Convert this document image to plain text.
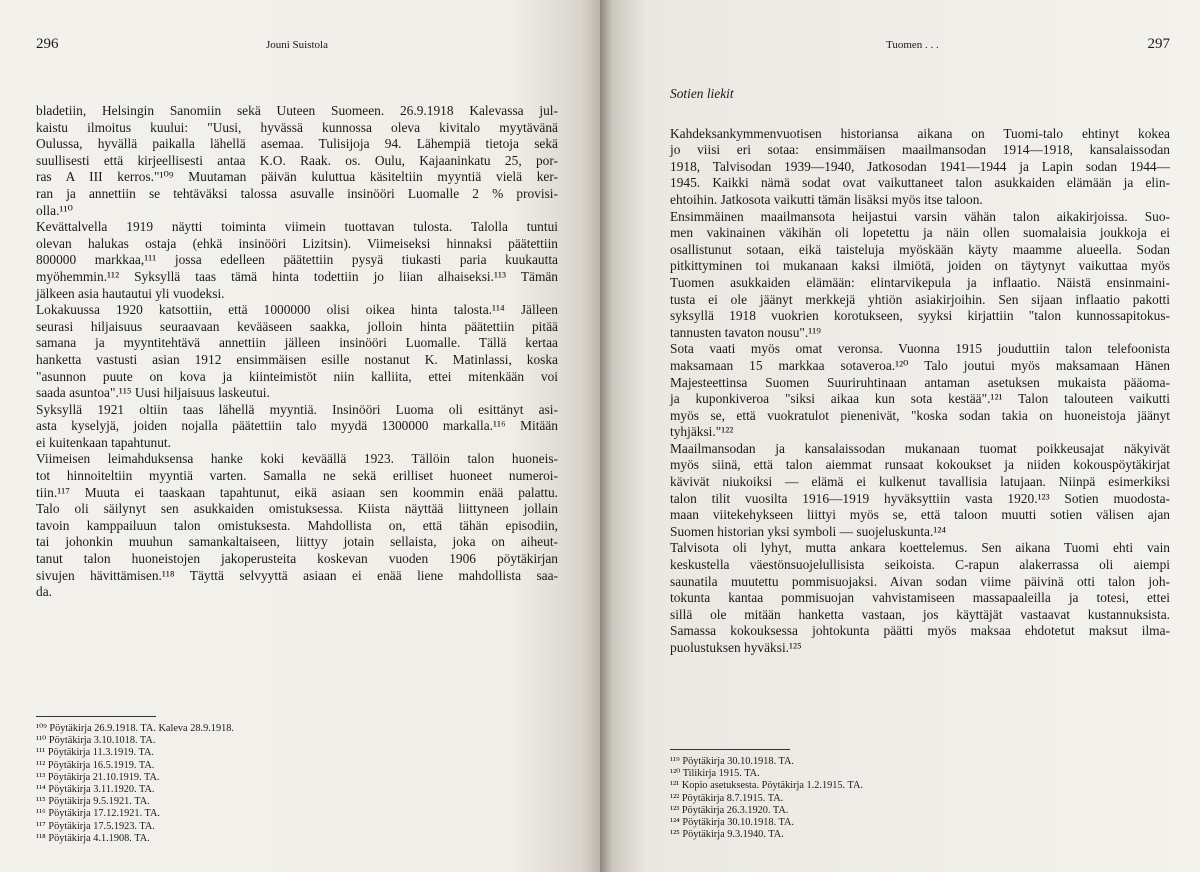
296	Jouni Suistola

bladetiin, Helsingin Sanomiin sekä Uuteen Suomeen. 26.9.1918 Kalevassa jul-
kaistu ilmoitus kuului: "Uusi, hyvässä kunnossa oleva kivitalo myytävänä
Oulussa, hyvällä paikalla lähellä asemaa. Tulisijoja 94. Lähempiä tietoja sekä
suullisesti että kirjeellisesti antaa K.O. Raak. os. Oulu, Kajaaninkatu 25, por-
ras A III kerros."¹⁰⁹ Muutaman päivän kuluttua käsiteltiin myyntiä vielä ker-
ran ja annettiin se tehtäväksi talossa asuvalle insinööri Luomalle 2 % provisi-
olla.¹¹⁰

Kevättalvella 1919 näytti toiminta viimein tuottavan tulosta. Talolla tuntui
olevan halukas ostaja (ehkä insinööri Lizitsin). Viimeiseksi hinnaksi päätettiin
800000 markkaa,¹¹¹ jossa edelleen päätettiin pysyä tiukasti paria kuukautta
myöhemmin.¹¹² Syksyllä taas tämä hinta todettiin jo liian alhaiseksi.¹¹³ Tämän
jälkeen asia hautautui yli vuodeksi.

Lokakuussa 1920 katsottiin, että 1000000 olisi oikea hinta talosta.¹¹⁴ Jälleen
seurasi hiljaisuus seuraavaan kevääseen saakka, jolloin hinta päätettiin pitää
samana ja myyntitehtävä annettiin jälleen insinööri Luomalle. Tällä kertaa
hanketta vastusti asian 1912 ensimmäisen esille nostanut K. Matinlassi, koska
"asunnon puute on kova ja kiinteimistöt niin kalliita, ettei mitenkään voi
saada asuntoa".¹¹⁵ Uusi hiljaisuus laskeutui.

Syksyllä 1921 oltiin taas lähellä myyntiä. Insinööri Luoma oli esittänyt asi-
asta kyselyjä, joiden nojalla päätettiin talo myydä 1300000 markalla.¹¹⁶ Mitään
ei kuitenkaan tapahtunut.

Viimeisen leimahduksensa hanke koki keväällä 1923. Tällöin talon huoneis-
tot hinnoiteltiin myyntiä varten. Samalla ne sekä erilliset huoneet numeroi-
tiin.¹¹⁷ Muuta ei taaskaan tapahtunut, eikä asiaan sen koommin enää palattu.
Talo oli säilynyt sen asukkaiden omistuksessa. Kiista näyttää liittyneen jollain
tavoin kamppailuun talon omistuksesta. Mahdollista on, että tähän episodiin,
tai johonkin muuhun samankaltaiseen, liittyy jotain sellaista, joka on aiheut-
tanut talon huoneistojen jakoperusteita koskevan vuoden 1906 pöytäkirjan
sivujen hävittämisen.¹¹⁸ Täyttä selvyyttä asiaan ei enää liene mahdollista saa-
da.

¹⁰⁹ Pöytäkirja 26.9.1918. TA. Kaleva 28.9.1918.
¹¹⁰ Pöytäkirja 3.10.1018. TA.
¹¹¹ Pöytäkirja 11.3.1919. TA.
¹¹² Pöytäkirja 16.5.1919. TA.
¹¹³ Pöytäkirja 21.10.1919. TA.
¹¹⁴ Pöytäkirja 3.11.1920. TA.
¹¹⁵ Pöytäkirja 9.5.1921. TA.
¹¹⁶ Pöytäkirja 17.12.1921. TA.
¹¹⁷ Pöytäkirja 17.5.1923. TA.
¹¹⁸ Pöytäkirja 4.1.1908. TA.
Tuomen . . .	297
Sotien liekit

Kahdeksankymmenvuotisen historiansa aikana on Tuomi-talo ehtinyt kokea
jo viisi eri sotaa: ensimmäisen maailmansodan 1914—1918, kansalaissodan
1918, Talvisodan 1939—1940, Jatkosodan 1941—1944 ja Lapin sodan 1944—
1945. Kaikki nämä sodat ovat vaikuttaneet talon asukkaiden elämään ja elin-
ehtoihin. Jatkosota vaikutti tämän lisäksi myös itse taloon.

Ensimmäinen maailmansota heijastui varsin vähän talon aikakirjoissa. Suo-
men vakinainen väkihän oli lopetettu ja näin ollen suomalaisia joukkoja ei
osallistunut sotaan, eikä taisteluja myöskään käyty maamme alueella. Sodan
pitkittyminen toi mukanaan kaksi ilmiötä, joiden on täytynyt vaikuttaa myös
Tuomen asukkaiden elämään: elintarvikepula ja inflaatio. Näistä ensinmaini-
tusta ei ole jäänyt merkkejä yhtiön asiakirjoihin. Sen sijaan inflaatio pakotti
syksyllä 1918 vuokrien korotukseen, syyksi kirjattiin "talon kunnossapitokus-
tannusten tavaton nousu".¹¹⁹

Sota vaati myös omat veronsa. Vuonna 1915 jouduttiin talon telefoonista
maksamaan 15 markkaa sotaveroa.¹²⁰ Talo joutui myös maksamaan Hänen
Majesteettinsa Suomen Suuriruhtinaan antaman asetuksen mukaista pääoma-
ja kuponkiveroa "siksi aikaa kun sota kestää".¹²¹ Talon talouteen vaikutti
myös se, että vuokratulot pienenivät, "koska sodan takia on huoneistoja jäänyt
tyhjäksi."¹²²

Maailmansodan ja kansalaissodan mukanaan tuomat poikkeusajat näkyivät
myös siinä, että talon aiemmat runsaat kokoukset ja niiden kokouspöytäkirjat
kävivät niukoiksi — elämä ei kulkenut tavallisia latujaan. Niinpä esimerkiksi
talon tilit vuosilta 1916—1919 hyväksyttiin vasta 1920.¹²³ Sotien muodosta-
maan viitekehykseen liittyi myös se, että taloon muutti sotien välisen ajan
Suomen historian yksi symboli — suojeluskunta.¹²⁴

Talvisota oli lyhyt, mutta ankara koettelemus. Sen aikana Tuomi ehti vain
keskustella väestönsuojelullisista seikoista. C-rapun alakerrassa oli aiempi
saunatila muutettu pommisuojaksi. Aivan sodan viime päivinä otti talon joh-
tokunta kantaa pommisuojan vahvistamiseen massapaaleilla ja totesi, ettei
sillä ole mitään hanketta vastaan, jos käyttäjät vastaavat kustannuksista.
Samassa kokouksessa johtokunta päätti myös maksaa ehdotetut maksut ilma-
puolustuksen hyväksi.¹²⁵

¹¹⁹ Pöytäkirja 30.10.1918. TA.
¹²⁰ Tilikirja 1915. TA.
¹²¹ Kopio asetuksesta. Pöytäkirja 1.2.1915. TA.
¹²² Pöytäkirja 8.7.1915. TA.
¹²³ Pöytäkirja 26.3.1920. TA.
¹²⁴ Pöytäkirja 30.10.1918. TA.
¹²⁵ Pöytäkirja 9.3.1940. TA.
